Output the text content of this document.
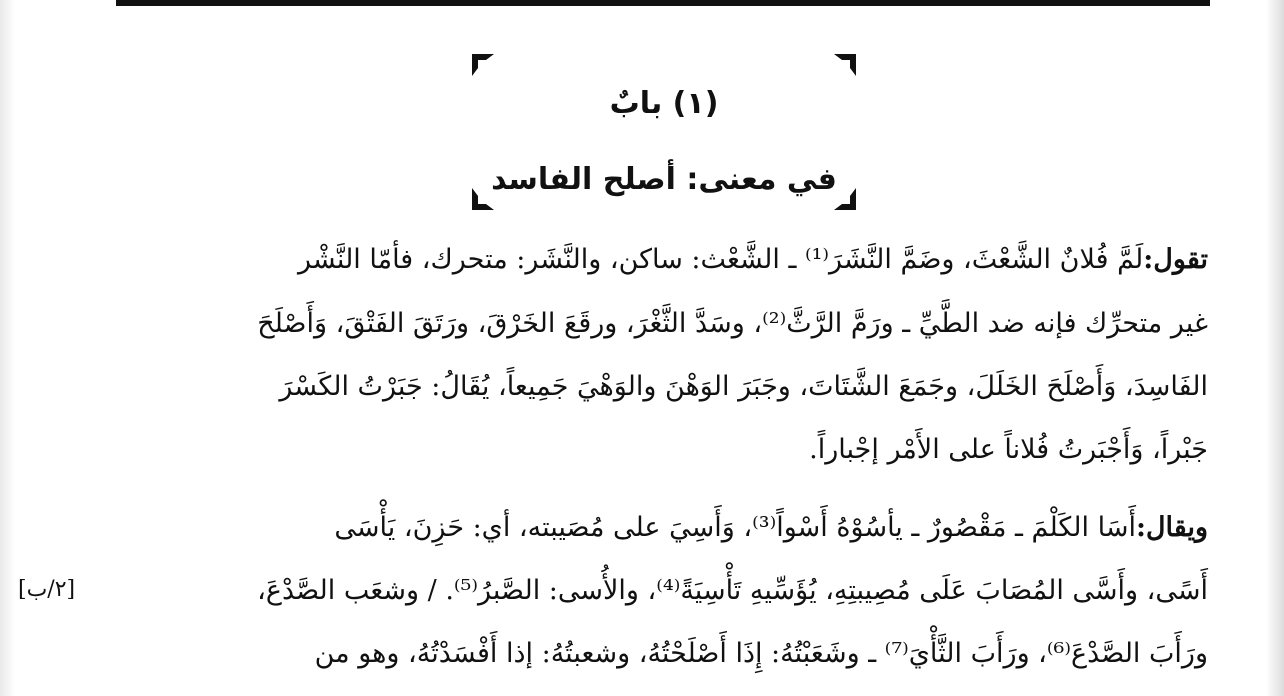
(١) بابٌ
في معنى: أصلح الفاسد
تقول:
لَمَّ فُلانٌ الشَّعْثَ، وضَمَّ النَّشَرَ⁽¹⁾ ـ الشَّعْث: ساكن، والنَّشَر: متحرك، فأمّا النَّشْر
غير متحرِّك فإنه ضد الطَّيِّ ـ ورَمَّ الرَّثَّ⁽²⁾، وسَدَّ الثَّغْرَ، ورقَعَ الخَرْقَ، ورَتَقَ الفَتْقَ، وَأَصْلَحَ
الفَاسِدَ، وَأَصْلَحَ الخَلَلَ، وجَمَعَ الشَّتَاتَ، وجَبَرَ الوَهْنَ والوَهْيَ جَمِيعاً، يُقَالُ: جَبَرْتُ الكَسْرَ
جَبْراً، وَأَجْبَرتُ فُلاناً على الأَمْر إجْباراً.
ويقال:
أَسَا الكَلْمَ ـ مَقْصُورٌ ـ يأسُوْهُ أَسْواً⁽³⁾، وَأَسِيَ على مُصَيبته، أي: حَزِنَ، يَأْسَى
أَسًى، وأَسَّى المُصَابَ عَلَى مُصِيبتِهِ، يُؤَسِّيهِ تَأْسِيَةً⁽⁴⁾، والأُسى: الصَّبرُ⁽⁵⁾. / وشعَب الصَّدْعَ،
ورَأَبَ الصَّدْعَ⁽⁶⁾، ورَأَبَ الثَّأْيَ⁽⁷⁾ ـ وشَعَبْتُهُ: إِذَا أَصْلَحْتُهُ، وشعبتُهُ: إذا أَفْسَدْتُهُ، وهو من
[٢/ب]
